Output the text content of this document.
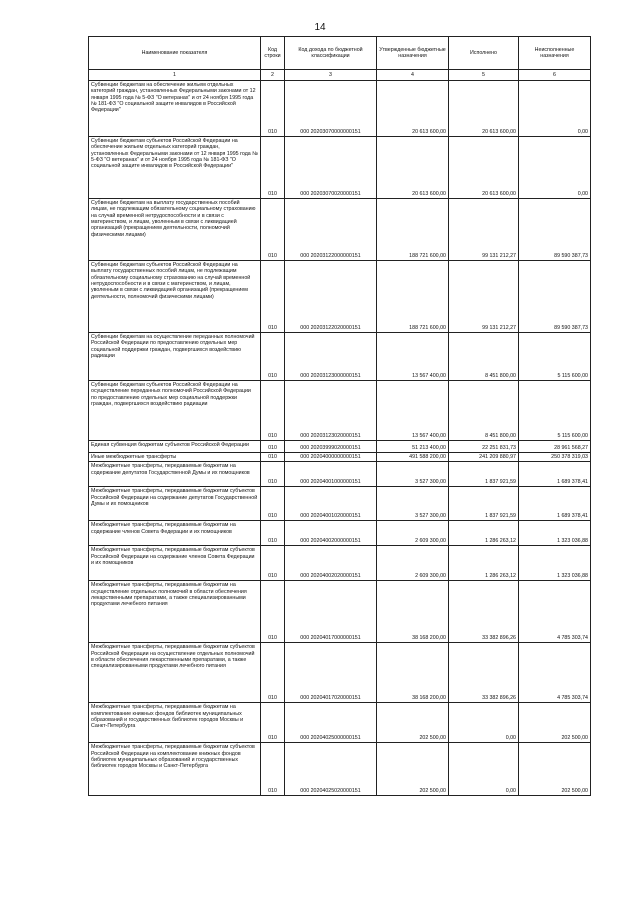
14
Наименование показателя	Код строки	Код дохода по бюджетной классификации	Утвержденные бюджетные назначения	Исполнено	Неисполненные назначения
1	2	3	4	5	6
Субвенции бюджетам на обеспечение жильем отдельных категорий граждан, установленных Федеральными законами от 12 января 1995 года № 5-ФЗ "О ветеранах" и от 24 ноября 1995 года № 181-ФЗ "О социальной защите инвалидов в Российской Федерации"	010	000 20203070000000151	20 613 600,00	20 613 600,00	0,00
Субвенции бюджетам субъектов Российской Федерации на обеспечение жильем отдельных категорий граждан, установленных Федеральными законами от 12 января 1995 года № 5-ФЗ "О ветеранах" и от 24 ноября 1995 года № 181-ФЗ "О социальной защите инвалидов в Российской Федерации"	010	000 20203070020000151	20 613 600,00	20 613 600,00	0,00
Субвенции бюджетам на выплату государственных пособий лицам, не подлежащим обязательному социальному страхованию на случай временной нетрудоспособности и в связи с материнством, и лицам, уволенным в связи с ликвидацией организаций (прекращением деятельности, полномочий физическими лицами)	010	000 20203122000000151	188 721 600,00	99 131 212,27	89 590 387,73
Субвенции бюджетам субъектов Российской Федерации на выплату государственных пособий лицам, не подлежащим обязательному социальному страхованию на случай временной нетрудоспособности и в связи с материнством, и лицам, уволенным в связи с ликвидацией организаций (прекращением деятельности, полномочий физическими лицами)	010	000 20203122020000151	188 721 600,00	99 131 212,27	89 590 387,73
Субвенции бюджетам на осуществление переданных полномочий Российской Федерации по предоставлению отдельных мер социальной поддержки граждан, подвергшихся воздействию радиации	010	000 20203123000000151	13 567 400,00	8 451 800,00	5 115 600,00
Субвенции бюджетам субъектов Российской Федерации на осуществление переданных полномочий Российской Федерации по предоставлению отдельных мер социальной поддержки граждан, подвергшихся воздействию радиации	010	000 20203123020000151	13 567 400,00	8 451 800,00	5 115 600,00
Единая субвенция бюджетам субъектов Российской Федерации	010	000 20203999020000151	51 213 400,00	22 251 831,73	28 961 568,27
Иные межбюджетные трансферты	010	000 20204000000000151	491 588 200,00	241 209 880,97	250 378 319,03
Межбюджетные трансферты, передаваемые бюджетам на содержание депутатов Государственной Думы и их помощников	010	000 20204001000000151	3 527 300,00	1 837 921,59	1 689 378,41
Межбюджетные трансферты, передаваемые бюджетам субъектов Российской Федерации на содержание депутатов Государственной Думы и их помощников	010	000 20204001020000151	3 527 300,00	1 837 921,59	1 689 378,41
Межбюджетные трансферты, передаваемые бюджетам на содержание членов Совета Федерации и их помощников	010	000 20204002000000151	2 609 300,00	1 286 263,12	1 323 036,88
Межбюджетные трансферты, передаваемые бюджетам субъектов Российской Федерации на содержание членов Совета Федерации и их помощников	010	000 20204002020000151	2 609 300,00	1 286 263,12	1 323 036,88
Межбюджетные трансферты, передаваемые бюджетам на осуществление отдельных полномочий в области обеспечения лекарственными препаратами, а также специализированными продуктами лечебного питания	010	000 20204017000000151	38 168 200,00	33 382 896,26	4 785 303,74
Межбюджетные трансферты, передаваемые бюджетам субъектов Российской Федерации на осуществление отдельных полномочий в области обеспечения лекарственными препаратами, а также специализированными продуктами лечебного питания	010	000 20204017020000151	38 168 200,00	33 382 896,26	4 785 303,74
Межбюджетные трансферты, передаваемые бюджетам на комплектование книжных фондов библиотек муниципальных образований и государственных библиотек городов Москвы и Санкт-Петербурга	010	000 20204025000000151	202 500,00	0,00	202 500,00
Межбюджетные трансферты, передаваемые бюджетам субъектов Российской Федерации на комплектование книжных фондов библиотек муниципальных образований и государственных библиотек городов Москвы и Санкт-Петербурга	010	000 20204025020000151	202 500,00	0,00	202 500,00
